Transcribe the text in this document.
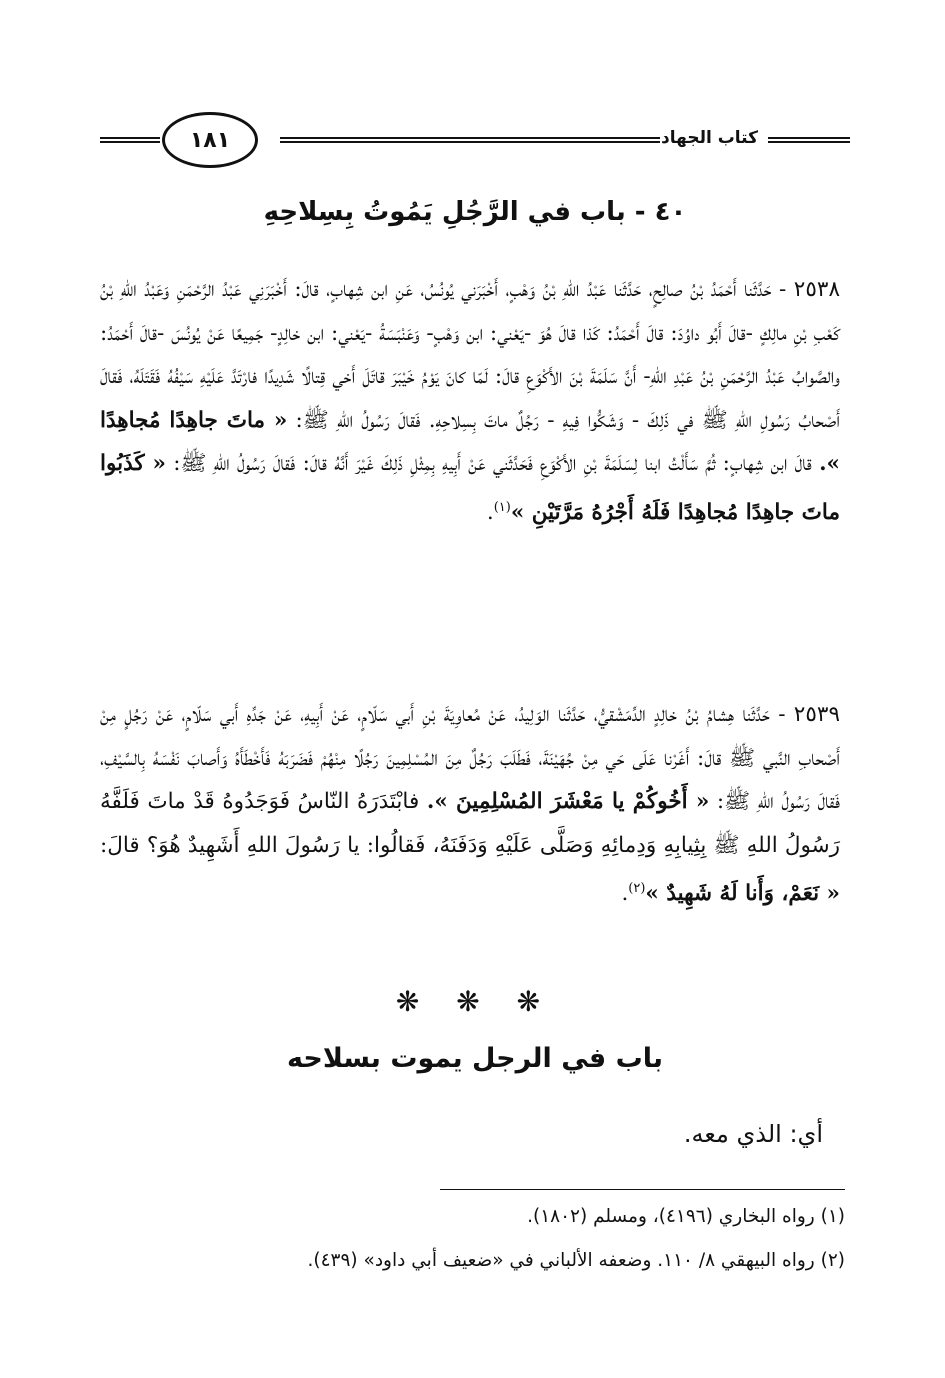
كتاب الجهاد
١٨١
٤٠ - باب في الرَّجُلِ يَمُوتُ بِسِلاحِهِ

٢٥٣٨ - حَدَّثَنا أَحْمَدُ بْنُ صالِحٍ، حَدَّثَنا عَبْدُ اللهِ بْنُ وَهْبٍ، أَخْبَرَني يُونُسُ، عَنِ ابن شِهابٍ، قالَ: أَخْبَرَنِي عَبْدُ الرَّحْمَنِ وَعَبْدُ اللهِ بْنُ كَعْبِ بْنِ مالِكٍ -قالَ أَبُو داوُدَ: قالَ أَحْمَدُ: كَذا قالَ هُوَ -يَعْني: ابن وَهْبٍ- وَعَنْبَسَةُ -يَعْني: ابن خالِدٍ- جَمِيعًا عَنْ يُونُسَ -قالَ أَحْمَدُ: والصَّوابُ عَبْدُ الرَّحْمَنِ بْنُ عَبْدِ اللهِ- أَنَّ سَلَمَةَ بْنَ الأَكْوَعِ قالَ: لَمّا كانَ يَوْمُ خَيْبَرَ قاتَلَ أَخي قِتالًا شَدِيدًا فارْتَدَّ عَلَيْهِ سَيْفُهُ فَقَتَلَهُ، فَقالَ أَصْحابُ رَسُولِ اللهِ ﷺ في ذَلِكَ - وَشَكُّوا فِيهِ - رَجُلٌ ماتَ بِسِلاحِهِ. فَقالَ رَسُولُ اللهِ ﷺ: « ماتَ جاهِدًا مُجاهِدًا ». قالَ ابن شِهابٍ: ثُمَّ سَأَلْتُ ابنا لِسَلَمَةَ بْنِ الأَكْوَعِ فَحَدَّثَني عَنْ أَبِيهِ بِمِثْلِ ذَلِكَ غَيْرَ أَنَّهُ قالَ: فَقالَ رَسُولُ اللهِ ﷺ: « كَذَبُوا ماتَ جاهِدًا مُجاهِدًا فَلَهُ أَجْرُهُ مَرَّتَيْنِ »$^{(١)}$.

٢٥٣٩ - حَدَّثَنا هِشامُ بْنُ خالِدٍ الدِّمَشْقيُّ، حَدَّثَنا الوَلِيدُ، عَنْ مُعاوِيَةَ بْنِ أَبي سَلّامٍ، عَنْ أَبِيهِ، عَنْ جَدِّهِ أَبي سَلّامٍ، عَنْ رَجُلٍ مِنْ أَصْحابِ النَّبي ﷺ قالَ: أَغَرْنا عَلَى حَي مِنْ جُهَيْنَةَ، فَطَلَبَ رَجُلٌ مِنَ المُسْلِمِينَ رَجُلًا مِنْهُمْ فَضَرَبَهُ فَأَخْطَأَهُ وَأَصابَ نَفْسَهُ بِالسَّيْفِ، فَقالَ رَسُولُ اللهِ ﷺ: « أَخُوكُمْ يا مَعْشَرَ المُسْلِمِينَ ». فابْتَدَرَهُ النّاسُ فَوَجَدُوهُ قَدْ ماتَ فَلَفَّهُ رَسُولُ اللهِ ﷺ بِثِيابِهِ وَدِمائِهِ وَصَلَّى عَلَيْهِ وَدَفَنَهُ، فَقالُوا: يا رَسُولَ اللهِ أَشَهِيدٌ هُوَ؟ قالَ: « نَعَمْ، وَأَنا لَهُ شَهِيدٌ »$^{(٢)}$.

❋ ❋ ❋
باب في الرجل يموت بسلاحه
أي: الذي معه.
(١) رواه البخاري (٤١٩٦)، ومسلم (١٨٠٢).
(٢) رواه البيهقي ٨/ ١١٠. وضعفه الألباني في «ضعيف أبي داود» (٤٣٩).
